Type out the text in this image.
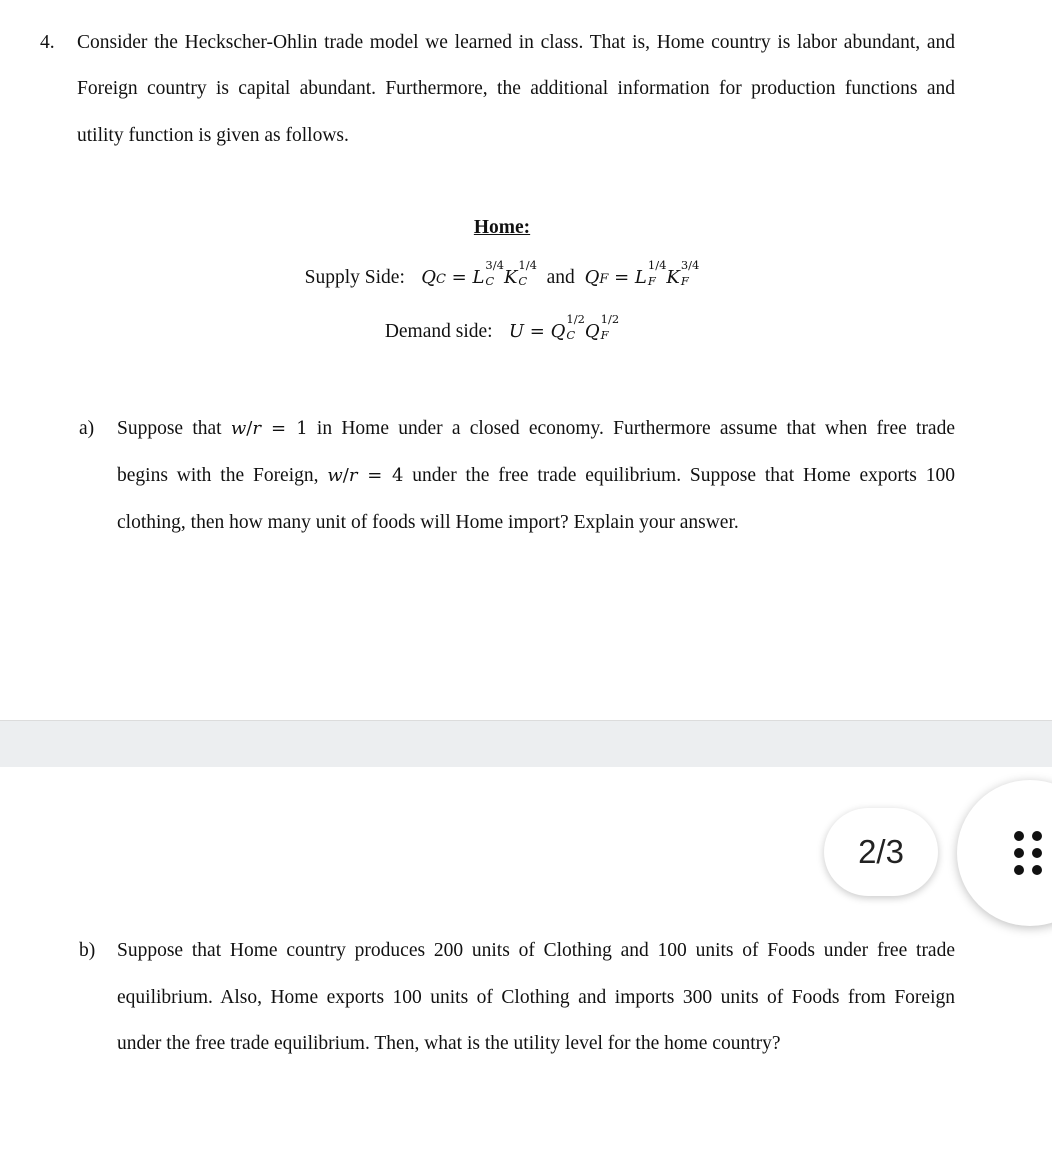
4. Consider the Heckscher-Ohlin trade model we learned in class. That is, Home country is labor abundant, and
Foreign country is capital abundant. Furthermore, the additional information for production functions and
utility function is given as follows.
Home:
Supply Side:   QC = L
3/4
C K
1/4
C and QF = L
1/4
F K
3/4
F
Demand side:   U = Q
1/2
C Q
1/2
F
a) Suppose that w/r = 1 in Home under a closed economy. Furthermore assume that when free trade
begins with the Foreign, w/r = 4 under the free trade equilibrium. Suppose that Home exports 100
clothing, then how many unit of foods will Home import? Explain your answer.
b) Suppose that Home country produces 200 units of Clothing and 100 units of Foods under free trade
equilibrium. Also, Home exports 100 units of Clothing and imports 300 units of Foods from Foreign
under the free trade equilibrium. Then, what is the utility level for the home country?
2/3
